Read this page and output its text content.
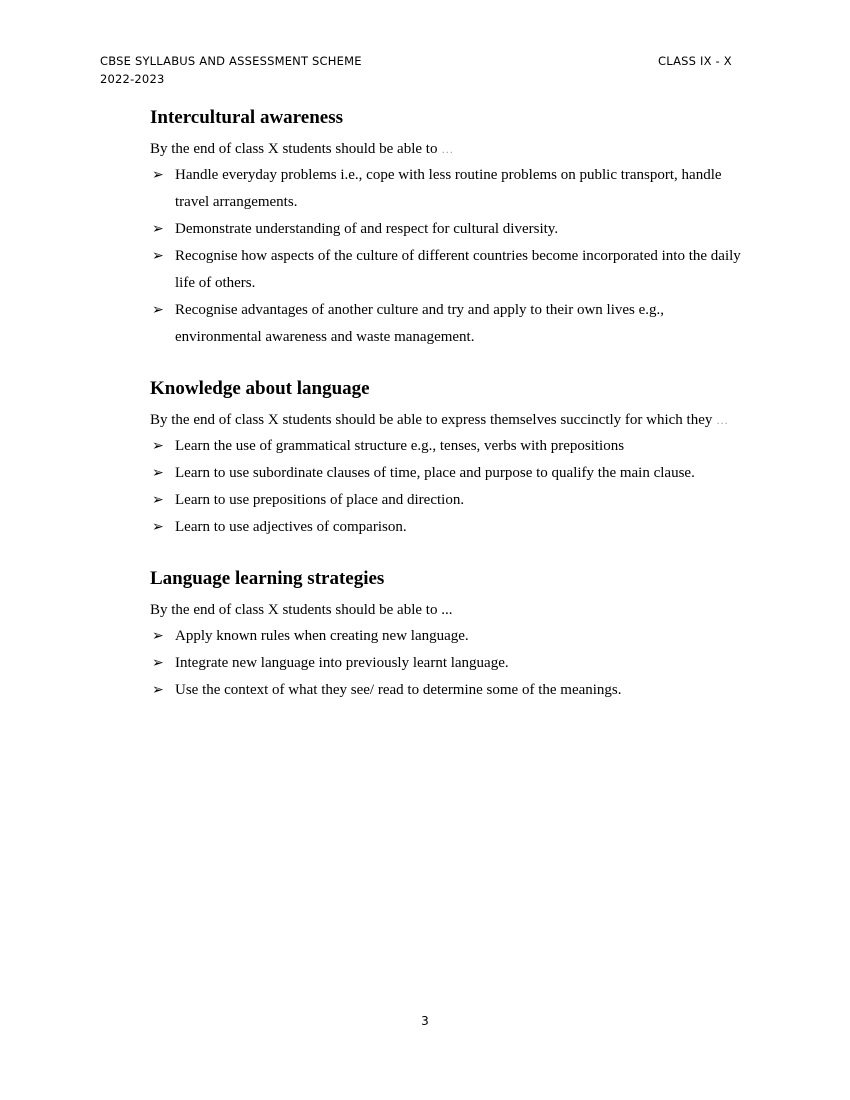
CBSE SYLLABUS AND ASSESSMENT SCHEME
2022-2023
CLASS IX - X
Intercultural awareness

By the end of class X students should be able to …

➢ Handle everyday problems i.e., cope with less routine problems on public transport, handle travel arrangements.
➢ Demonstrate understanding of and respect for cultural diversity.
➢ Recognise how aspects of the culture of different countries become incorporated into the daily life of others.
➢ Recognise advantages of another culture and try and apply to their own lives e.g., environmental awareness and waste management.
Knowledge about language

By the end of class X students should be able to express themselves succinctly for which they …

➢ Learn the use of grammatical structure e.g., tenses, verbs with prepositions
➢ Learn to use subordinate clauses of time, place and purpose to qualify the main clause.
➢ Learn to use prepositions of place and direction.
➢ Learn to use adjectives of comparison.
Language learning strategies

By the end of class X students should be able to ...

➢ Apply known rules when creating new language.
➢ Integrate new language into previously learnt language.
➢ Use the context of what they see/ read to determine some of the meanings.
3
